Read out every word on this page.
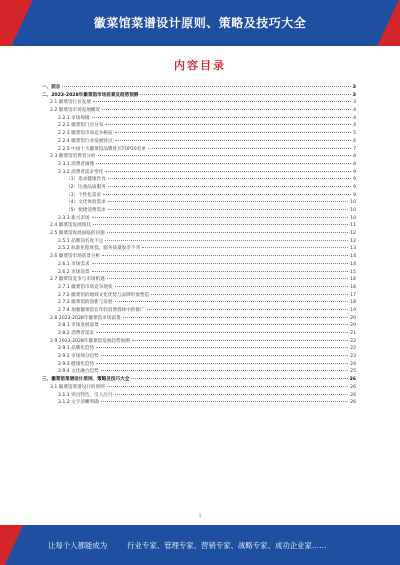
徽菜馆菜谱设计原则、策略及技巧大全
内容目录
一、前言	3
二、2023-2028年徽菜馆市场前景及趋势预测	3
2.1 徽菜馆行业发展	3
2.2 徽菜馆市场发展概况	4
2.2.1 市场规模	4
2.2.2 徽菜馆门店分布	4
2.2.3 徽菜馆市场竞争格局	5
2.2.4 徽菜馆行业发展特点	6
2.2.5 中国十大徽菜馆品牌排名TOP20名单	7
2.3 徽菜馆消费者分析	8
2.3.1 消费者画像	8
2.3.2 消费者需求变化	9
（1）追求健康饮食	9
（2）注重品质服务	9
（3）个性化需求	9
（4）文化体验需求	10
（5）便捷消费需求	10
2.3.3 新兴市场	10
2.4 徽菜馆发展现状	11
2.5 徽菜馆发展面临的问题	12
2.5.1 品牌知名度不足	12
2.5.2 标准化程度低、服务质量参差不齐	13
2.6 徽菜馆市场前景分析	14
2.6.1 市场需求	14
2.6.2 市场前景	15
2.7 徽菜馆竞争与市场机遇	16
2.7.1 徽菜馆市场竞争现状	16
2.7.2 徽菜馆的地域文化优势与品牌形象塑造	17
2.7.3 徽菜馆的创新与发展	18
2.7.4 加强徽菜馆在年轻消费群体中的推广	19
2.8 2023-2028年徽菜馆市场前景	20
2.8.1 市场发展前景	20
2.8.2 消费者需求	21
2.9 2023-2028年徽菜馆发展趋势预测	22
2.9.1 品牌化趋势	22
2.9.2 市场细分趋势	23
2.9.3 健康化趋势	24
2.9.4 文化融合趋势	25
三、徽菜馆菜谱设计原则、策略及技巧大全	26
3.1 徽菜馆菜谱设计的原则	26
3.1.1 突出特色，引人注目	26
3.1.2 文字清晰明确	26
1
让每个人都能成为	行业专家、管理专家、营销专家、战略专家、成功企业家……
